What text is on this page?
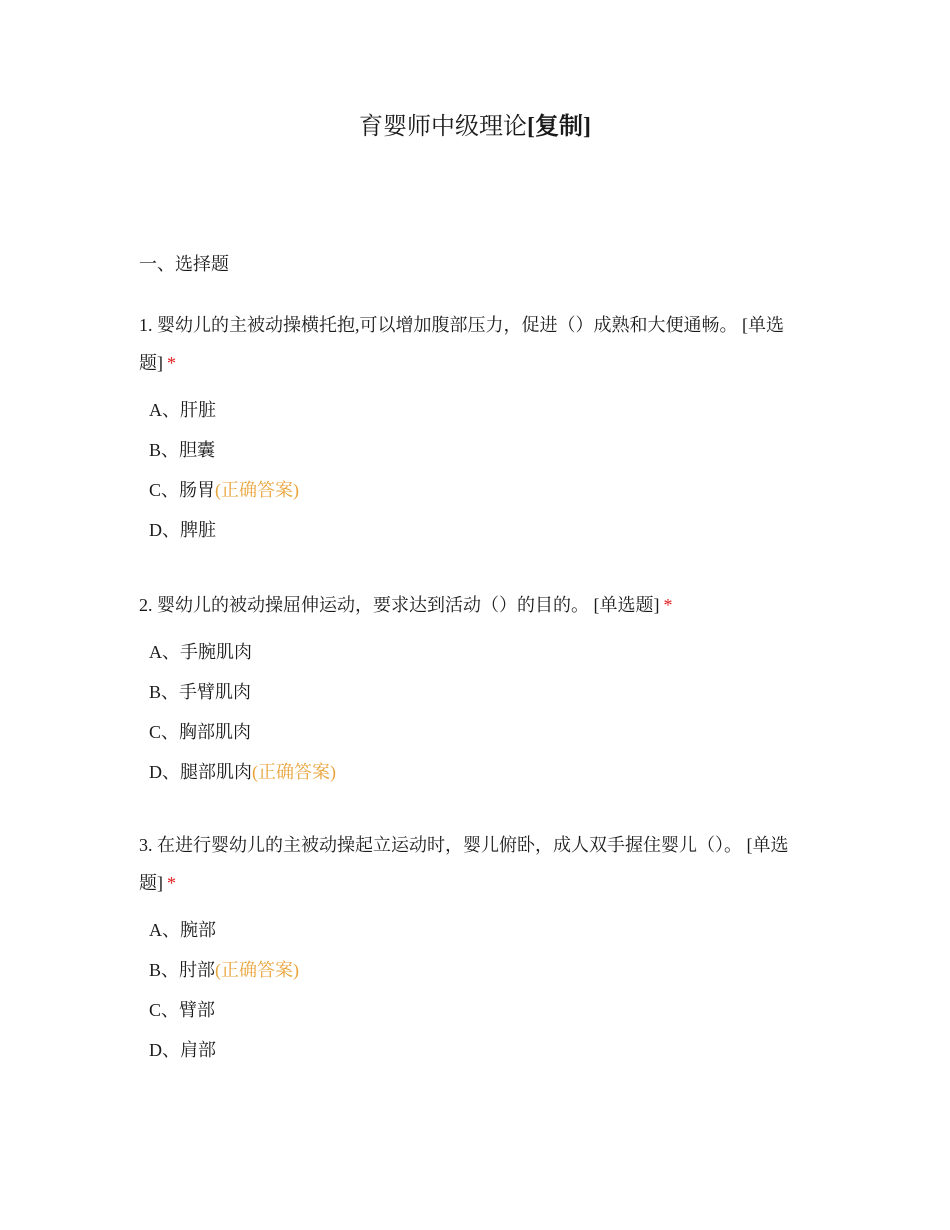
育婴师中级理论[复制]
一、选择题

1. 婴幼儿的主被动操横托抱,可以增加腹部压力，促进（）成熟和大便通畅。 [单选题] *

A、肝脏
B、胆囊
C、肠胃(正确答案)
D、脾脏

2. 婴幼儿的被动操屈伸运动，要求达到活动（）的目的。 [单选题] *

A、手腕肌肉
B、手臂肌肉
C、胸部肌肉
D、腿部肌肉(正确答案)

3. 在进行婴幼儿的主被动操起立运动时，婴儿俯卧，成人双手握住婴儿（）。 [单选题] *

A、腕部
B、肘部(正确答案)
C、臂部
D、肩部
